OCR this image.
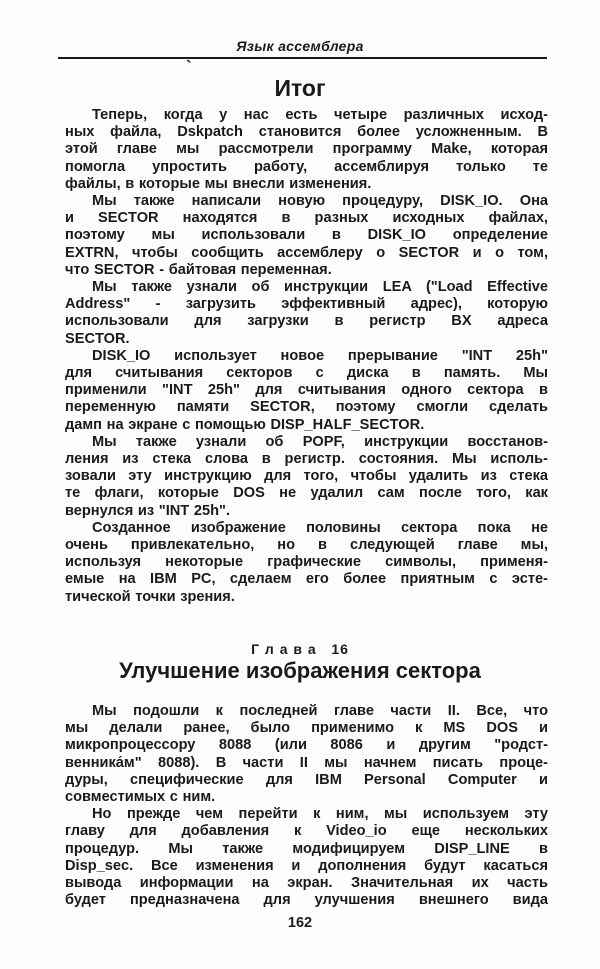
Язык ассемблера
`
Итог
Теперь, когда у нас есть четыре различных исход-
ных файла, Dskpatch становится более усложненным. В
этой главе мы рассмотрели программу Make, которая
помогла упростить работу, ассемблируя только те
файлы, в которые мы внесли изменения.
Мы также написали новую процедуру, DISK_IO. Она
и SECTOR находятся в разных исходных файлах,
поэтому мы использовали в DISK_IO определение
EXTRN, чтобы сообщить ассемблеру о SECTOR и о том,
что SECTOR - байтовая переменная.
Мы также узнали об инструкции LEA ("Load Effective
Address" - загрузить эффективный адрес), которую
использовали для загрузки в регистр BX адреса
SECTOR.
DISK_IO использует новое прерывание "INT 25h"
для считывания секторов с диска в память. Мы
применили "INT 25h" для считывания одного сектора в
переменную памяти SECTOR, поэтому смогли сделать
дамп на экране с помощью DISP_HALF_SECTOR.
Мы также узнали об POPF, инструкции восстанов-
ления из стека слова в регистр. состояния. Мы исполь-
зовали эту инструкцию для того, чтобы удалить из стека
те флаги, которые DOS не удалил сам после того, как
вернулся из "INT 25h".
Созданное изображение половины сектора пока не
очень привлекательно, но в следующей главе мы,
используя некоторые графические символы, применя-
емые на IBM PC, сделаем его более приятным с эсте-
тической точки зрения.
Г л а в а   16
Улучшение изображения сектора
Мы подошли к последней главе части II. Все, что
мы делали ранее, было применимо к MS DOS и
микропроцессору 8088 (или 8086 и другим "родст-
венника́м" 8088). В части II мы начнем писать проце-
дуры, специфические для IBM Personal Computer и
совместимых с ним.
Но прежде чем перейти к ним, мы используем эту
главу для добавления к Video_io еще нескольких
процедур. Мы также модифицируем DISP_LINE в
Disp_sec. Все изменения и дополнения будут касаться
вывода информации на экран. Значительная их часть
будет предназначена для улучшения внешнего вида
162
